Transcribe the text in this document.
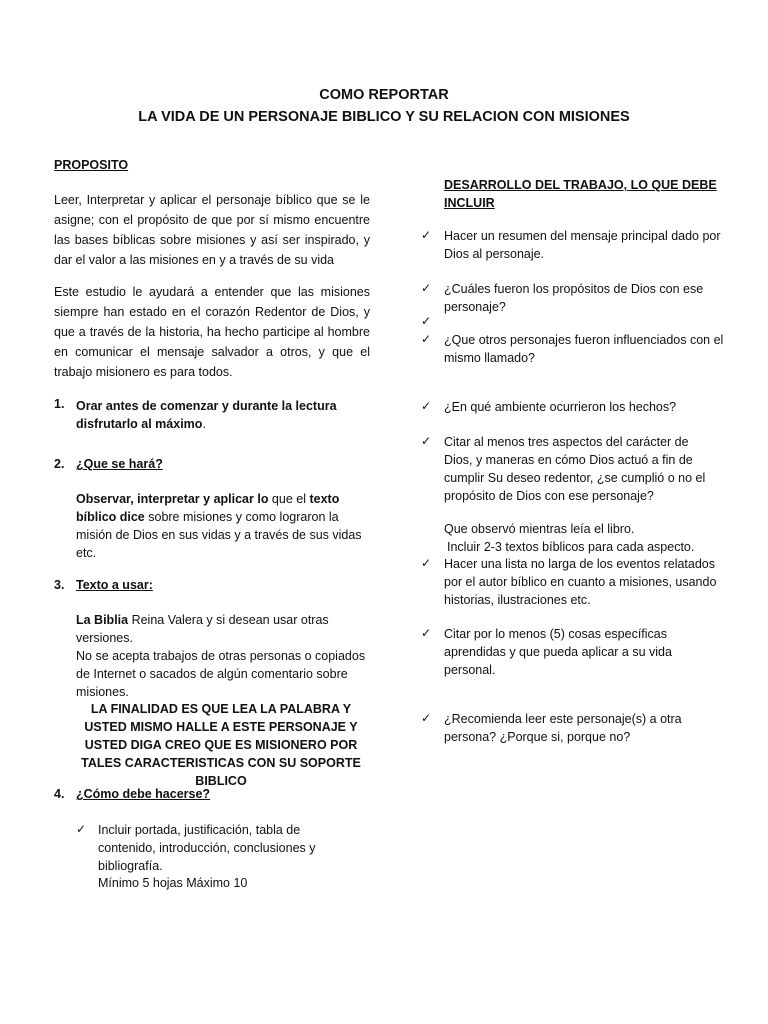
COMO REPORTAR
LA VIDA DE UN PERSONAJE BIBLICO Y SU RELACION CON MISIONES
PROPOSITO
Leer, Interpretar y aplicar el personaje bíblico que se le asigne; con el propósito de que por sí mismo encuentre las bases bíblicas sobre misiones y así ser inspirado, y dar el valor a las misiones en y a través de su vida
Este estudio le ayudará a entender que las misiones siempre han estado en el corazón Redentor de Dios, y que a través de la historia, ha hecho participe al hombre en comunicar el mensaje salvador a otros, y que el trabajo misionero es para todos.
1. Orar antes de comenzar y durante la lectura disfrutarlo al máximo.
2. ¿Que se hará?
Observar, interpretar y aplicar lo que el texto bíblico dice sobre misiones y como lograron la misión de Dios en sus vidas y a través de sus vidas etc.
3. Texto a usar:
La Biblia Reina Valera y si desean usar otras versiones.
No se acepta trabajos de otras personas o copiados de Internet o sacados de algún comentario sobre misiones.
LA FINALIDAD ES QUE LEA LA PALABRA Y USTED MISMO HALLE A ESTE PERSONAJE Y USTED DIGA CREO QUE ES MISIONERO POR TALES CARACTERISTICAS CON SU SOPORTE BIBLICO
4. ¿Cómo debe hacerse?
✓ Incluir portada, justificación, tabla de contenido, introducción, conclusiones y bibliografía.
Mínimo 5 hojas Máximo 10
DESARROLLO DEL TRABAJO, LO QUE DEBE INCLUIR
✓ Hacer un resumen del mensaje principal dado por Dios al personaje.
✓ ¿Cuáles fueron los propósitos de Dios con ese personaje?
✓
✓ ¿Que otros personajes fueron influenciados con el mismo llamado?
✓ ¿En qué ambiente ocurrieron los hechos?
✓ Citar al menos tres aspectos del carácter de Dios, y maneras en cómo Dios actuó a fin de cumplir Su deseo redentor, ¿se cumplió o no el propósito de Dios con ese personaje?
Que observó mientras leía el libro.
Incluir 2-3 textos bíblicos para cada aspecto.
✓ Hacer una lista no larga de los eventos relatados por el autor bíblico en cuanto a misiones, usando historias, ilustraciones etc.
✓ Citar por lo menos (5) cosas específicas aprendidas y que pueda aplicar a su vida personal.
✓ ¿Recomienda leer este personaje(s) a otra persona? ¿Porque si, porque no?
